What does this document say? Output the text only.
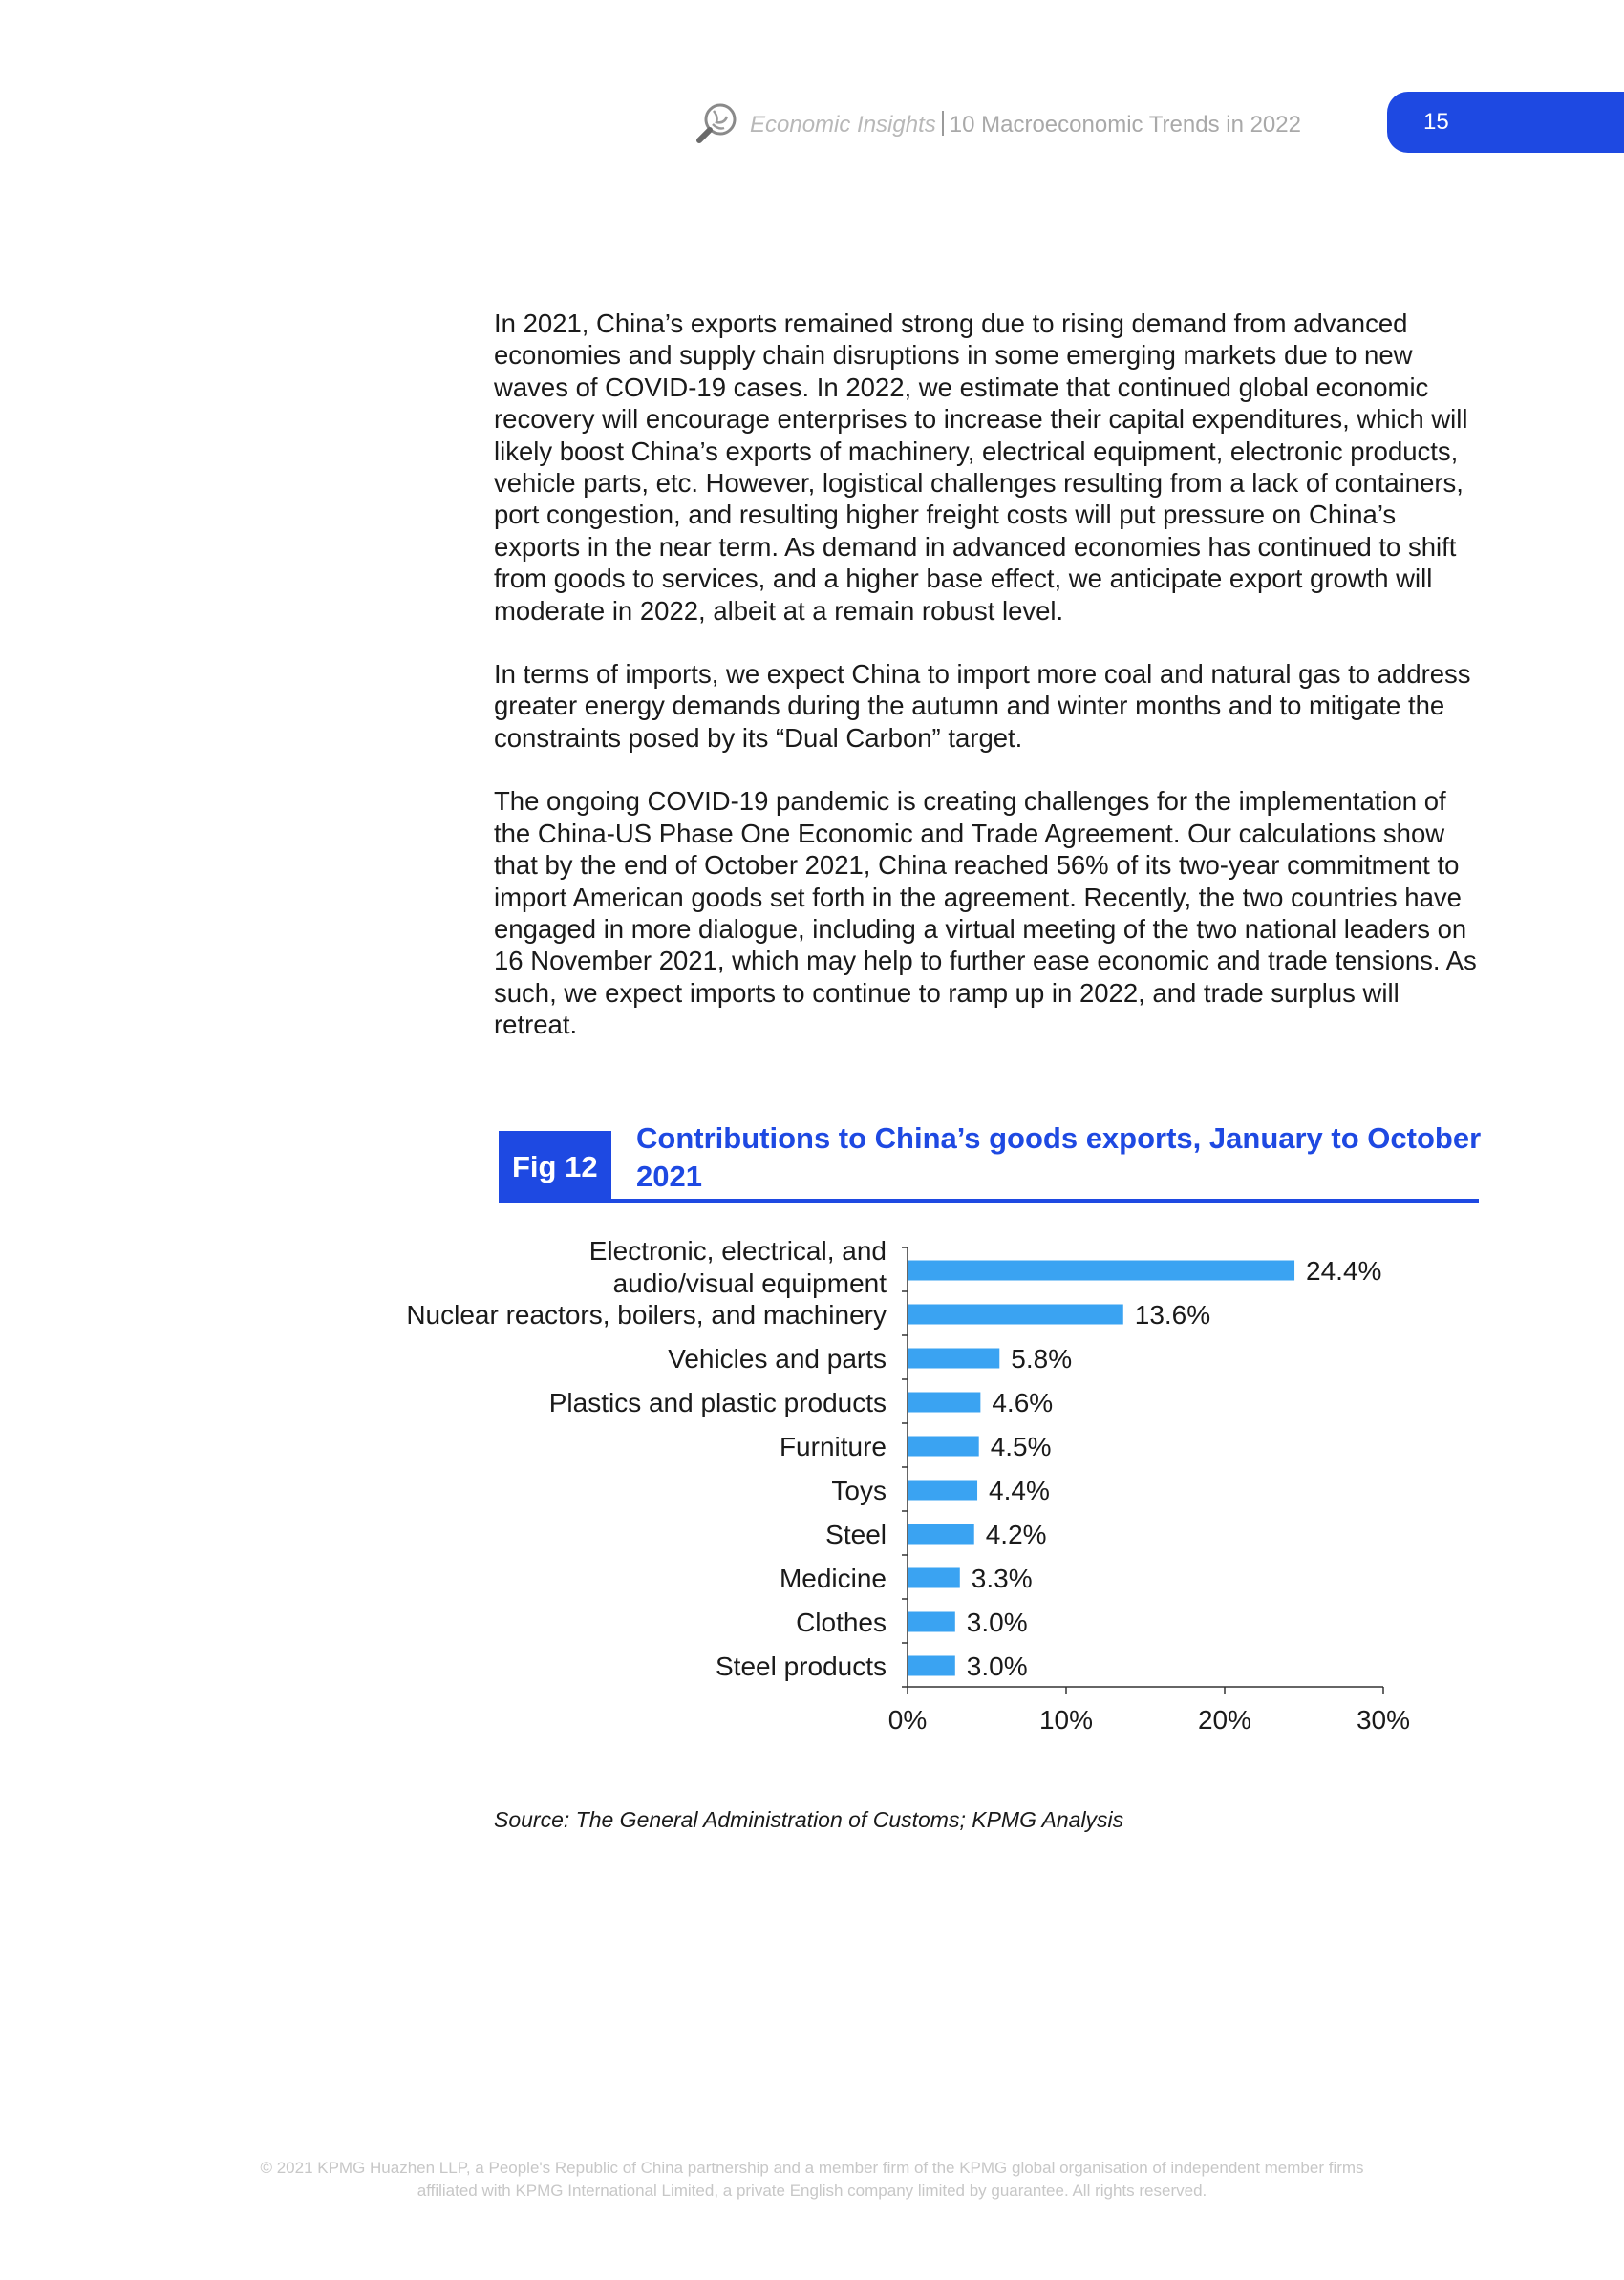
Economic Insights 10 Macroeconomic Trends in 2022	15

In 2021, China’s exports remained strong due to rising demand from advanced economies and supply chain disruptions in some emerging markets due to new waves of COVID-19 cases. In 2022, we estimate that continued global economic recovery will encourage enterprises to increase their capital expenditures, which will likely boost China’s exports of machinery, electrical equipment, electronic products, vehicle parts, etc. However, logistical challenges resulting from a lack of containers, port congestion, and resulting higher freight costs will put pressure on China’s exports in the near term. As demand in advanced economies has continued to shift from goods to services, and a higher base effect, we anticipate export growth will moderate in 2022, albeit at a remain robust level.

In terms of imports, we expect China to import more coal and natural gas to address greater energy demands during the autumn and winter months and to mitigate the constraints posed by its “Dual Carbon” target.

The ongoing COVID-19 pandemic is creating challenges for the implementation of the China-US Phase One Economic and Trade Agreement. Our calculations show that by the end of October 2021, China reached 56% of its two-year commitment to import American goods set forth in the agreement. Recently, the two countries have engaged in more dialogue, including a virtual meeting of the two national leaders on 16 November 2021, which may help to further ease economic and trade tensions. As such, we expect imports to continue to ramp up in 2022, and trade surplus will retreat.

Fig 12
Contributions to China’s goods exports, January to October 2021
24.4%
Electronic, electrical, and
audio/visual equipment
13.6%
Nuclear reactors, boilers, and machinery
5.8%
Vehicles and parts
4.6%
Plastics and plastic products
4.5%
Furniture
4.4%
Toys
4.2%
Steel
3.3%
Medicine
3.0%
Clothes
3.0%
Steel products
0%	10%	20%	30%
Source: The General Administration of Customs; KPMG Analysis
© 2021 KPMG Huazhen LLP, a People's Republic of China partnership and a member firm of the KPMG global organisation of independent member firms
affiliated with KPMG International Limited, a private English company limited by guarantee. All rights reserved.
